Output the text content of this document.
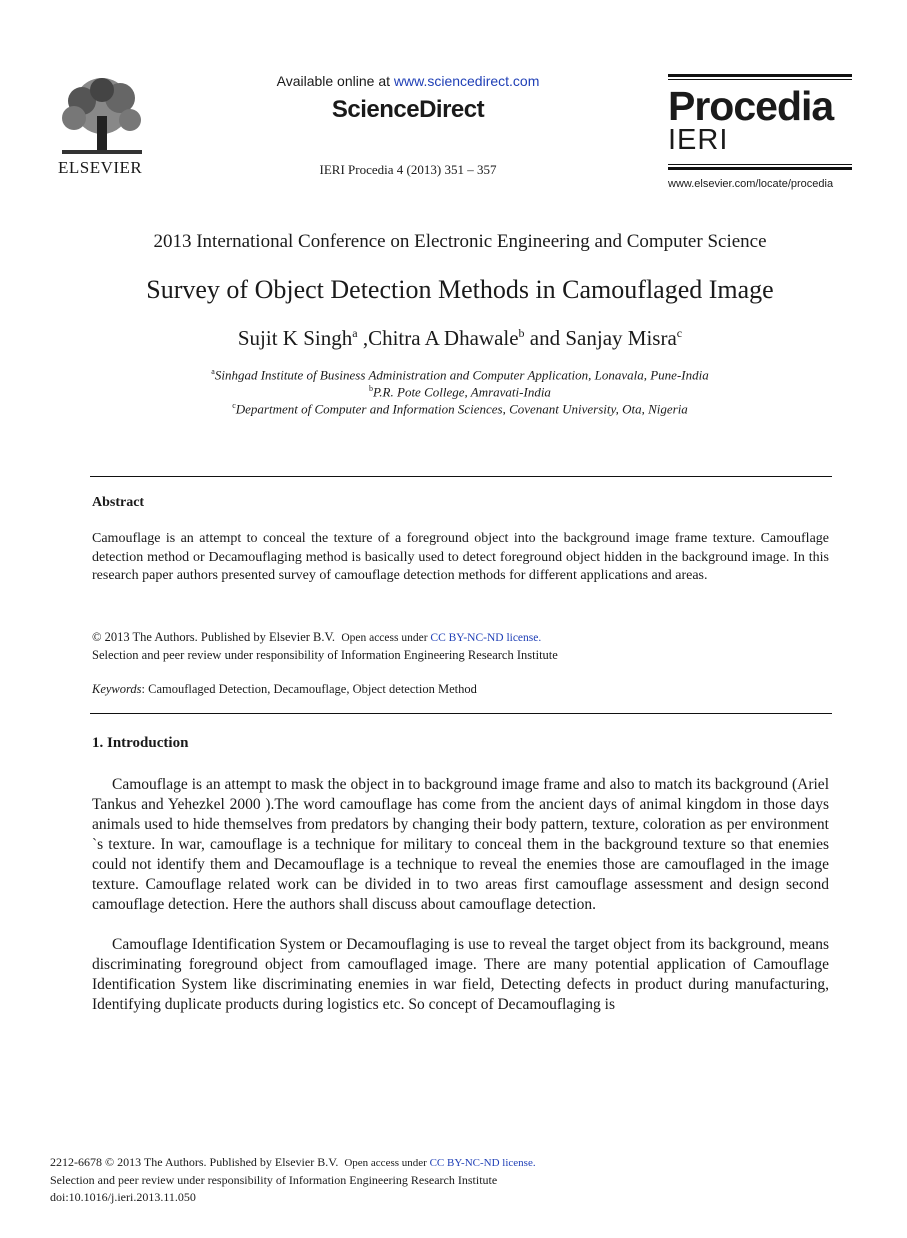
ELSEVIER
Available online at www.sciencedirect.com
ScienceDirect
IERI Procedia 4 (2013) 351 – 357
Procedia
IERI
www.elsevier.com/locate/procedia
2013 International Conference on Electronic Engineering and Computer Science
Survey of Object Detection Methods in Camouflaged Image
Sujit K Singh$^a$ ,Chitra A Dhawale$^b$ and Sanjay Misra$^c$
$^a$Sinhgad Institute of Business Administration and Computer Application, Lonavala, Pune-India
$^b$P.R. Pote College, Amravati-India
$^c$Department of Computer and Information Sciences, Covenant University, Ota, Nigeria
Abstract
Camouflage is an attempt to conceal the texture of a foreground object into the background image frame texture. Camouflage detection method or Decamouflaging method is basically used to detect foreground object hidden in the background image. In this research paper authors presented survey of camouflage detection methods for different applications and areas.
© 2013 The Authors. Published by Elsevier B.V. Open access under CC BY-NC-ND license.
Selection and peer review under responsibility of Information Engineering Research Institute
Keywords: Camouflaged Detection, Decamouflage, Object detection Method
1. Introduction
Camouflage is an attempt to mask the object in to background image frame and also to match its background (Ariel Tankus and Yehezkel 2000 ).The word camouflage has come from the ancient days of animal kingdom in those days animals used to hide themselves from predators by changing their body pattern, texture, coloration as per environment `s texture. In war, camouflage is a technique for military to conceal them in the background texture so that enemies could not identify them and Decamouflage is a technique to reveal the enemies those are camouflaged in the image texture. Camouflage related work can be divided in to two areas first camouflage assessment and design second camouflage detection. Here the authors shall discuss about camouflage detection.
Camouflage Identification System or Decamouflaging is use to reveal the target object from its background, means discriminating foreground object from camouflaged image. There are many potential application of Camouflage Identification System like discriminating enemies in war field, Detecting defects in product during manufacturing, Identifying duplicate products during logistics etc. So concept of Decamouflaging is
2212-6678 © 2013 The Authors. Published by Elsevier B.V. Open access under CC BY-NC-ND license.
Selection and peer review under responsibility of Information Engineering Research Institute
doi:10.1016/j.ieri.2013.11.050
